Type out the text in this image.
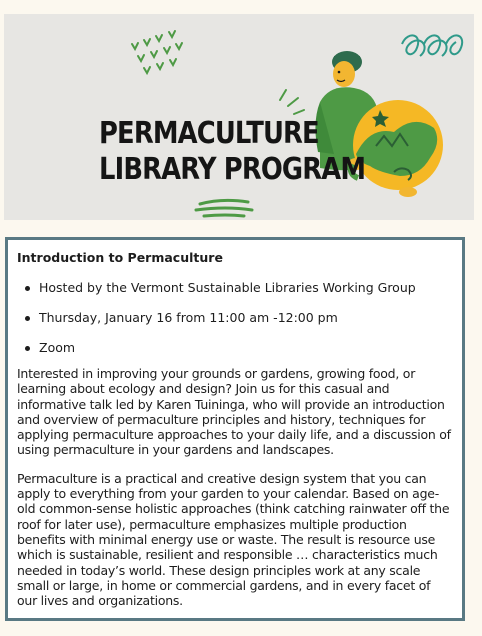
PERMACULTURE
LIBRARY PROGRAM
Introduction to Permaculture
Hosted by the Vermont Sustainable Libraries Working Group
Thursday, January 16 from 11:00 am -12:00 pm
Zoom

Interested in improving your grounds or gardens, growing food, or learning about ecology and design? Join us for this casual and informative talk led by Karen Tuininga, who will provide an introduction and overview of permaculture principles and history, techniques for applying permaculture approaches to your daily life, and a discussion of using permaculture in your gardens and landscapes.

Permaculture is a practical and creative design system that you can apply to everything from your garden to your calendar. Based on age-old common-sense holistic approaches (think catching rainwater off the roof for later use), permaculture emphasizes multiple production benefits with minimal energy use or waste. The result is resource use which is sustainable, resilient and responsible … characteristics much needed in today’s world. These design principles work at any scale small or large, in home or commercial gardens, and in every facet of our lives and organizations.
